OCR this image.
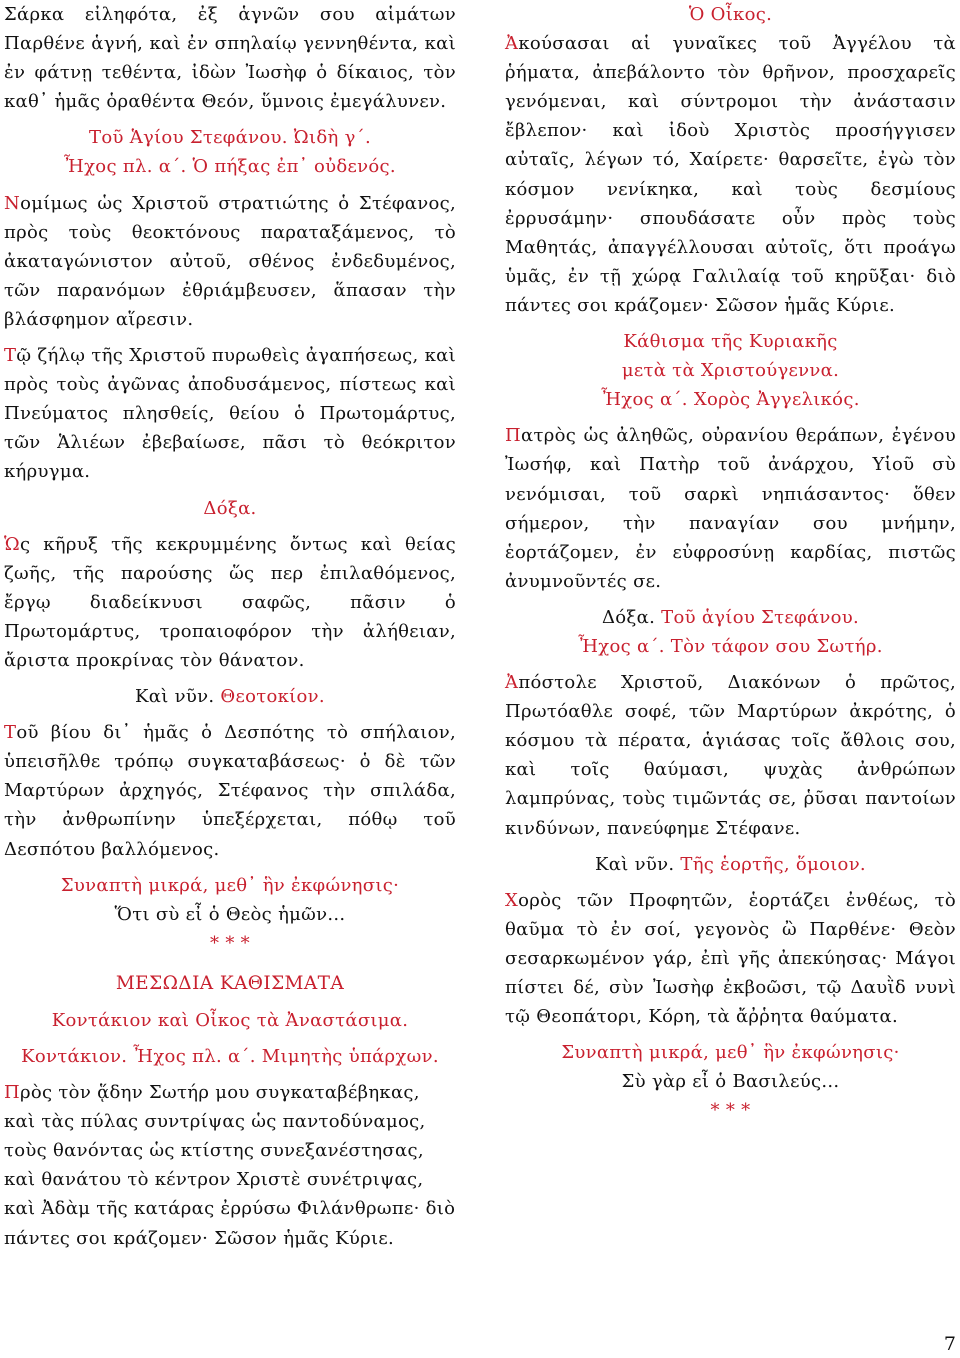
Σάρκα εἰληφότα, ἐξ ἁγνῶν σου αἱμάτων Παρθένε ἁγνή, καὶ ἐν σπηλαίῳ γεννηθέντα, καὶ ἐν φάτνῃ τεθέντα, ἰδὼν Ἰωσὴφ ὁ δίκαιος, τὸν καθ᾽ ἡμᾶς ὁραθέντα Θεόν, ὕμνοις ἐμεγάλυνεν.

Τοῦ Ἁγίου Στεφάνου. Ὠιδὴ γ΄.

Ἦχος πλ. α΄. Ὁ πήξας ἐπ᾽ οὐδενός.

Νομίμως ὡς Χριστοῦ στρατιώτης ὁ Στέφανος, πρὸς τοὺς θεοκτόνους παραταξάμενος, τὸ ἀκαταγώνιστον αὐτοῦ, σθένος ἐνδεδυμένος, τῶν παρανόμων ἐθριάμβευσεν, ἅπασαν τὴν βλάσφημον αἵρεσιν.

Τῷ ζήλῳ τῆς Χριστοῦ πυρωθεὶς ἀγαπήσεως, καὶ πρὸς τοὺς ἀγῶνας ἀποδυσάμενος, πίστεως καὶ Πνεύματος πλησθείς, θείου ὁ Πρωτομάρτυς, τῶν Ἁλιέων ἐβεβαίωσε, πᾶσι τὸ θεόκριτον κήρυγμα.

Δόξα.

Ὡς κῆρυξ τῆς κεκρυμμένης ὄντως καὶ θείας ζωῆς, τῆς παρούσης ὥς περ ἐπιλαθόμενος, ἔργῳ διαδείκνυσι σαφῶς, πᾶσιν ὁ Πρωτομάρτυς, τροπαιοφόρον τὴν ἀλήθειαν, ἄριστα προκρίνας τὸν θάνατον.

Καὶ νῦν. Θεοτοκίον.

Τοῦ βίου δι᾽ ἡμᾶς ὁ Δεσπότης τὸ σπήλαιον, ὑπεισῆλθε τρόπῳ συγκαταβάσεως· ὁ δὲ τῶν Μαρτύρων ἀρχηγός, Στέφανος τὴν σπιλάδα, τὴν ἀνθρωπίνην ὑπεξέρχεται, πόθῳ τοῦ Δεσπότου βαλλόμενος.

Συναπτὴ μικρά, μεθ᾽ ἣν ἐκφώνησις·

Ὅτι σὺ εἶ ὁ Θεὸς ἡμῶν...

* * *

ΜΕΣΩΔΙΑ ΚΑΘΙΣΜΑΤΑ

Κοντάκιον καὶ Οἶκος τὰ Ἀναστάσιμα.

Κοντάκιον. Ἦχος πλ. α΄. Μιμητὴς ὑπάρχων.

Πρὸς τὸν ᾅδην Σωτήρ μου συγκαταβέβηκας, καὶ τὰς πύλας συντρίψας ὡς παντοδύναμος, τοὺς θανόντας ὡς κτίστης συνεξανέστησας, καὶ θανάτου τὸ κέντρον Χριστὲ συνέτριψας, καὶ Ἀδὰμ τῆς κατάρας ἐρρύσω Φιλάνθρωπε· διὸ πάντες σοι κράζομεν· Σῶσον ἡμᾶς Κύριε.

Ὁ Οἶκος.

Ἀκούσασαι αἱ γυναῖκες τοῦ Ἀγγέλου τὰ ῥήματα, ἀπεβάλοντο τὸν θρῆνον, προσχαρεῖς γενόμεναι, καὶ σύντρομοι τὴν ἀνάστασιν ἔβλεπον· καὶ ἰδοὺ Χριστὸς προσήγγισεν αὐταῖς, λέγων τό, Χαίρετε· θαρσεῖτε, ἐγὼ τὸν κόσμον νενίκηκα, καὶ τοὺς δεσμίους ἐρρυσάμην· σπουδάσατε οὖν πρὸς τοὺς Μαθητάς, ἀπαγγέλλουσαι αὐτοῖς, ὅτι προάγω ὑμᾶς, ἐν τῇ χώρᾳ Γαλιλαίᾳ τοῦ κηρῦξαι· διὸ πάντες σοι κράζομεν· Σῶσον ἡμᾶς Κύριε.

Κάθισμα τῆς Κυριακῆς

μετὰ τὰ Χριστούγεννα.

Ἦχος α΄. Χορὸς Ἀγγελικός.

Πατρὸς ὡς ἀληθῶς, οὐρανίου θεράπων, ἐγένου Ἰωσήφ, καὶ Πατὴρ τοῦ ἀνάρχου, Υἱοῦ σὺ νενόμισαι, τοῦ σαρκὶ νηπιάσαντος· ὅθεν σήμερον, τὴν παναγίαν σου μνήμην, ἑορτάζομεν, ἐν εὐφροσύνῃ καρδίας, πιστῶς ἀνυμνοῦντές σε.

Δόξα. Τοῦ ἁγίου Στεφάνου.

Ἦχος α΄. Τὸν τάφον σου Σωτήρ.

Ἀπόστολε Χριστοῦ, Διακόνων ὁ πρῶτος, Πρωτόαθλε σοφέ, τῶν Μαρτύρων ἀκρότης, ὁ κόσμου τὰ πέρατα, ἁγιάσας τοῖς ἄθλοις σου, καὶ τοῖς θαύμασι, ψυχὰς ἀνθρώπων λαμπρύνας, τοὺς τιμῶντάς σε, ῥῦσαι παντοίων κινδύνων, πανεύφημε Στέφανε.

Καὶ νῦν. Τῆς ἑορτῆς, ὅμοιον.

Χορὸς τῶν Προφητῶν, ἑορτάζει ἐνθέως, τὸ θαῦμα τὸ ἐν σοί, γεγονὸς ὢ Παρθένε· Θεὸν σεσαρκωμένον γάρ, ἐπὶ γῆς ἀπεκύησας· Μάγοι πίστει δέ, σὺν Ἰωσὴφ ἐκβοῶσι, τῷ Δαυῒδ νυνὶ τῷ Θεοπάτορι, Κόρη, τὰ ἄῤῥητα θαύματα.

Συναπτὴ μικρά, μεθ᾽ ἣν ἐκφώνησις·

Σὺ γὰρ εἶ ὁ Βασιλεύς...

* * *

7
